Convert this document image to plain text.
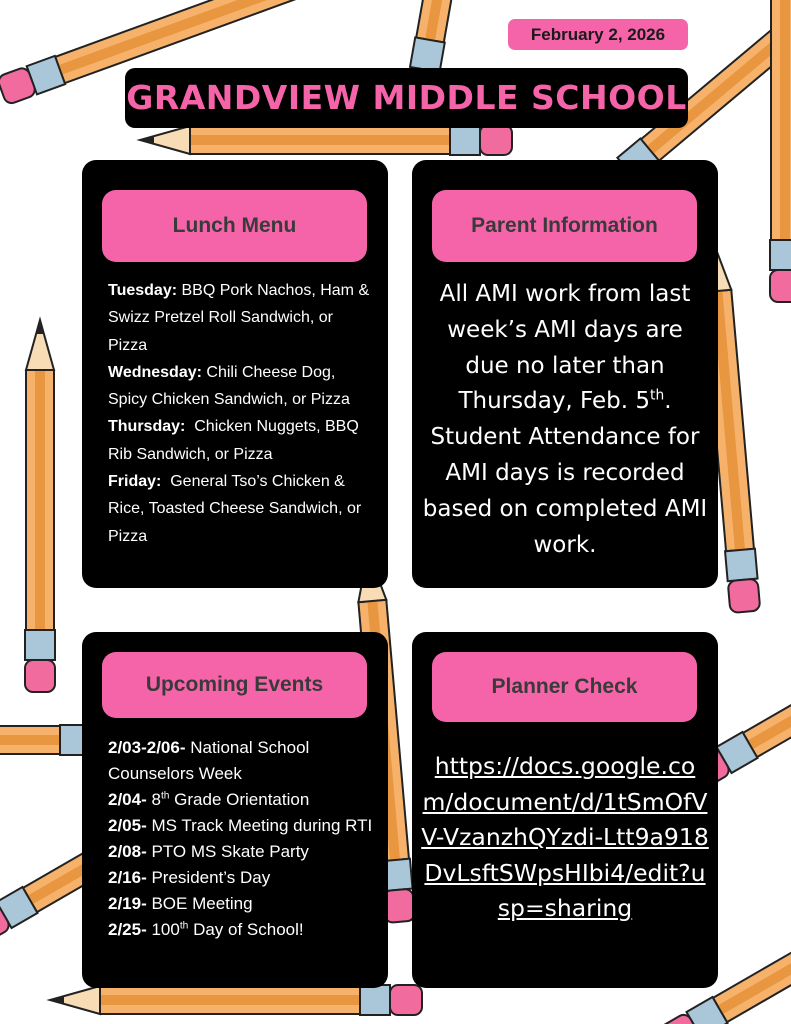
February 2, 2026
GRANDVIEW MIDDLE SCHOOL
Lunch Menu
Tuesday: BBQ Pork Nachos, Ham & Swizz Pretzel Roll Sandwich, or Pizza
Wednesday: Chili Cheese Dog, Spicy Chicken Sandwich, or Pizza
Thursday:  Chicken Nuggets, BBQ Rib Sandwich, or Pizza
Friday:  General Tso’s Chicken & Rice, Toasted Cheese Sandwich, or Pizza
Parent Information
All AMI work from last week’s AMI days are due no later than Thursday, Feb. 5th. Student Attendance for AMI days is recorded based on completed AMI work.
Upcoming Events
2/03-2/06- National School Counselors Week
2/04- 8th Grade Orientation
2/05- MS Track Meeting during RTI
2/08- PTO MS Skate Party
2/16- President’s Day
2/19- BOE Meeting
2/25- 100th Day of School!
Planner Check
https://docs.google.com/document/d/1tSmOfVV-VzanzhQYzdi-Ltt9a918DvLsftSWpsHIbi4/edit?usp=sharing
